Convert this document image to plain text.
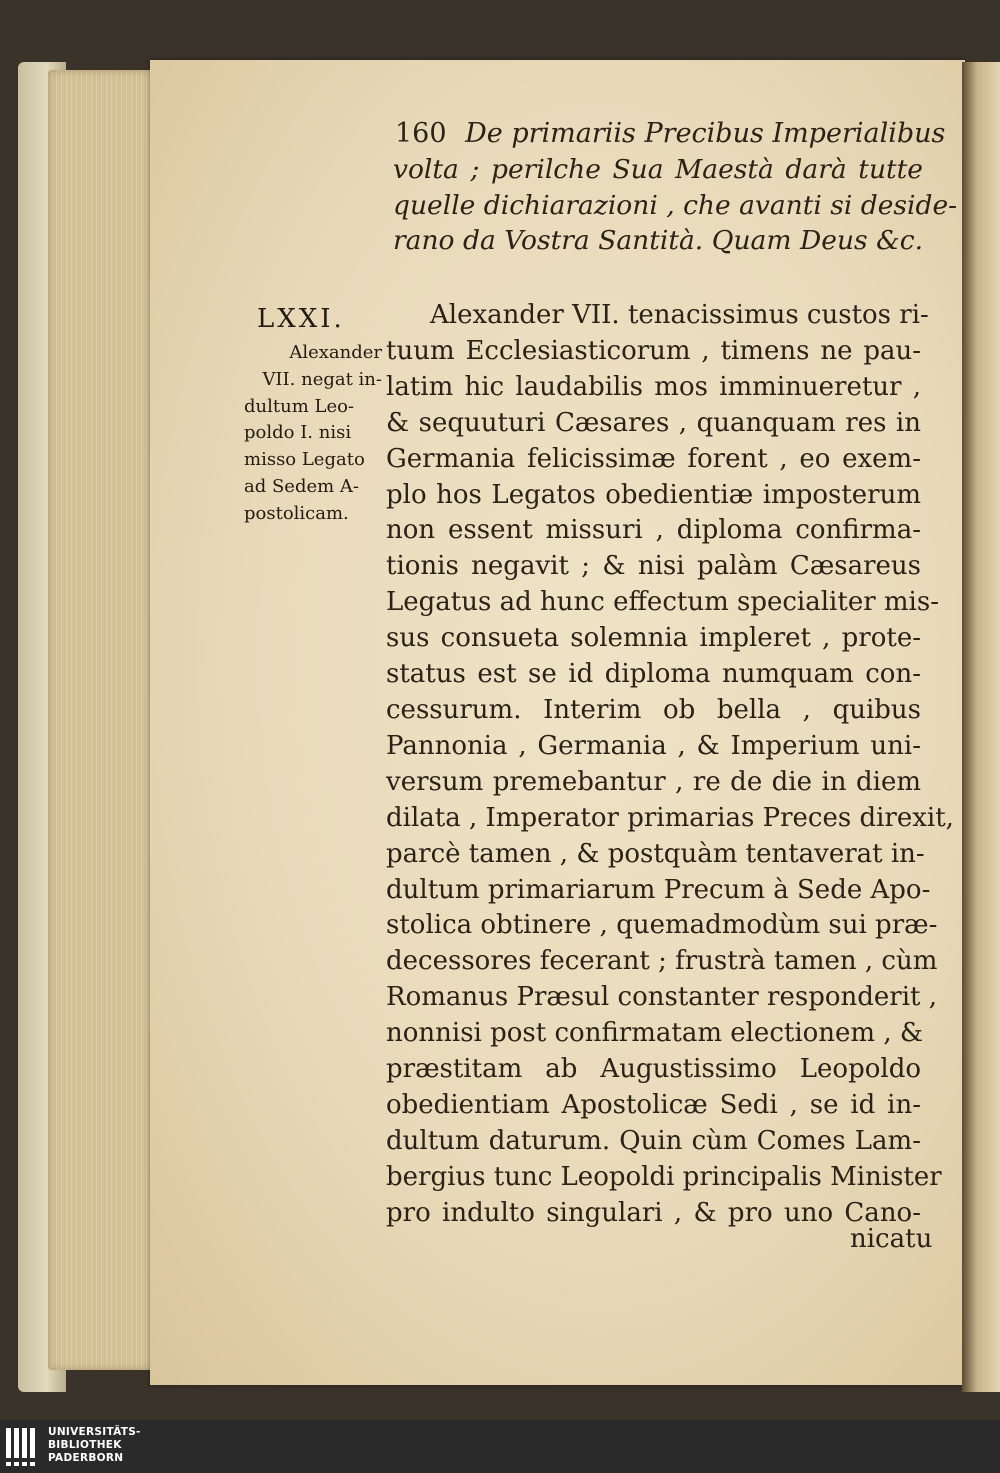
160 De primariis Precibus Imperialibus
volta ; perilche Sua Maestà darà tutte
quelle dichiarazioni , che avanti si deside-
rano da Vostra Santità. Quam Deus &c.
LXXI.
Alexander
VII. negat in-
dultum Leo-
poldo I. nisi
misso Legato
ad Sedem A-
postolicam.
Alexander VII. tenacissimus custos ri-
tuum Ecclesiasticorum , timens ne pau-
latim hic laudabilis mos imminueretur ,
& sequuturi Cæsares , quanquam res in
Germania felicissimæ forent , eo exem-
plo hos Legatos obedientiæ imposterum
non essent missuri , diploma confirma-
tionis negavit ; & nisi palàm Cæsareus
Legatus ad hunc effectum specialiter mis-
sus consueta solemnia impleret , prote-
status est se id diploma numquam con-
cessurum. Interim ob bella , quibus
Pannonia , Germania , & Imperium uni-
versum premebantur , re de die in diem
dilata , Imperator primarias Preces direxit,
parcè tamen , & postquàm tentaverat in-
dultum primariarum Precum à Sede Apo-
stolica obtinere , quemadmodùm sui præ-
decessores fecerant ; frustrà tamen , cùm
Romanus Præsul constanter responderit ,
nonnisi post confirmatam electionem , &
præstitam ab Augustissimo Leopoldo
obedientiam Apostolicæ Sedi , se id in-
dultum daturum. Quin cùm Comes Lam-
bergius tunc Leopoldi principalis Minister
pro indulto singulari , & pro uno Cano-
nicatu
UNIVERSITÄTS-
BIBLIOTHEK
PADERBORN
